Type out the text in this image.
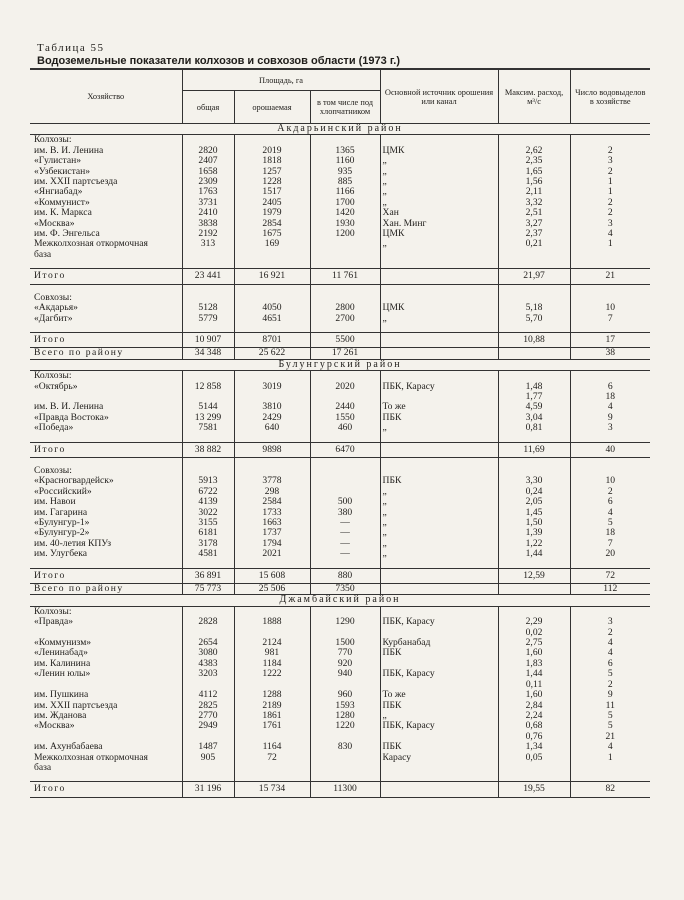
Таблица 55
Водоземельные показатели колхозов и совхозов области (1973 г.)
Хозяйство	Площадь, га			Основной источник орошения или канал	Максим. расход, м³/с	Число водовыделов в хозяйстве
	общая	орошаемая	в том числе под хлопчатником			
Акдарьинский район						
Колхозы:						
им. В. И. Ленина	2820	2019	1365	ЦМК	2,62	2
«Гулистан»	2407	1818	1160	„	2,35	3
«Узбекистан»	1658	1257	935	„	1,65	2
им. XXII партсъезда	2309	1228	885	„	1,56	1
«Янгиабад»	1763	1517	1166	„	2,11	1
«Коммунист»	3731	2405	1700	„	3,32	2
им. К. Маркса	2410	1979	1420	Хан	2,51	2
«Москва»	3838	2854	1930	Хан. Минг	3,27	3
им. Ф. Энгельса	2192	1675	1200	ЦМК	2,37	4
Межколхозная откормочная	313	169		„	0,21	1
база						

Итого	23 441	16 921	11 761		21,97	21

Совхозы:						
«Акдарья»	5128	4050	2800	ЦМК	5,18	10
«Дагбит»	5779	4651	2700	„	5,70	7

Итого	10 907	8701	5500		10,88	17
Всего по району	34 348	25 622	17 261			38
Булунгурский район						
Колхозы:						
«Октябрь»	12 858	3019	2020	ПБК, Карасу	1,48	6
					1,77	18
им. В. И. Ленина	5144	3810	2440	То же	4,59	4
«Правда Востока»	13 299	2429	1550	ПБК	3,04	9
«Победа»	7581	640	460	„	0,81	3

Итого	38 882	9898	6470		11,69	40

Совхозы:						
«Красногвардейск»	5913	3778		ПБК	3,30	10
«Российский»	6722	298		„	0,24	2
им. Навои	4139	2584	500	„	2,05	6
им. Гагарина	3022	1733	380	„	1,45	4
«Булунгур-1»	3155	1663	—	„	1,50	5
«Булунгур-2»	6181	1737	—	„	1,39	18
им. 40-летия КПУз	3178	1794	—	„	1,22	7
им. Улугбека	4581	2021	—	„	1,44	20

Итого	36 891	15 608	880		12,59	72
Всего по району	75 773	25 506	7350			112
Джамбайский район						
Колхозы:						
«Правда»	2828	1888	1290	ПБК, Карасу	2,29	3
					0,02	2
«Коммунизм»	2654	2124	1500	Курбанабад	2,75	4
«Ленинабад»	3080	981	770	ПБК	1,60	4
им. Калинина	4383	1184	920		1,83	6
«Ленин юлы»	3203	1222	940	ПБК, Карасу	1,44	5
					0,11	2
им. Пушкина	4112	1288	960	То же	1,60	9
им. XXII партсъезда	2825	2189	1593	ПБК	2,84	11
им. Жданова	2770	1861	1280	„	2,24	5
«Москва»	2949	1761	1220	ПБК, Карасу	0,68	5
					0,76	21
им. Ахунбабаева	1487	1164	830	ПБК	1,34	4
Межколхозная откормочная	905	72		Карасу	0,05	1
база						

Итого	31 196	15 734	11300		19,55	82
